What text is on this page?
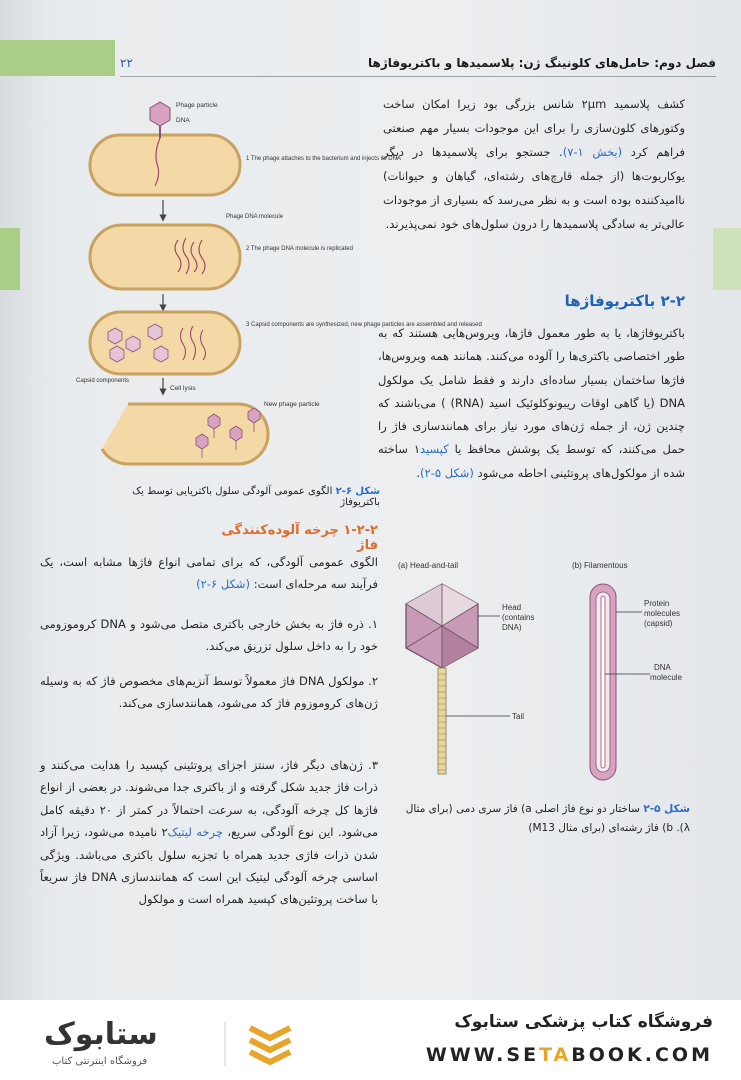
۲۲	فصل دوم: حامل‌های کلونینگ ژن: پلاسمیدها و باکتریوفاژها
کشف پلاسمید ۲μm شانس بزرگی بود زیرا امکان ساخت وکتورهای کلون‌سازی را برای این موجودات بسیار مهم صنعتی فراهم کرد (بخش ۱-۷). جستجو برای پلاسمیدها در دیگر یوکاریوت‌ها (از جمله قارچ‌های رشته‌ای، گیاهان و حیوانات) ناامیدکننده بوده است و به نظر می‌رسد که بسیاری از موجودات عالی‌تر به سادگی پلاسمیدها را درون سلول‌های خود نمی‌پذیرند.
۲-۲ باکتریوفاژها
باکتریوفاژها، یا به طور معمول فاژها، ویروس‌هایی هستند که به طور اختصاصی باکتری‌ها را آلوده می‌کنند. همانند همه ویروس‌ها، فاژها ساختمان بسیار ساده‌ای دارند و فقط شامل یک مولکول DNA (یا گاهی اوقات ریبونوکلوئیک اسید (RNA) ) می‌باشند که چندین ژن، از جمله ژن‌های مورد نیاز برای همانندسازی فاژ را حمل می‌کنند، که توسط یک پوشش محافظ یا کپسید۱ ساخته شده از مولکول‌های پروتئینی احاطه می‌شود (شکل ۵-۲).
Phage particle
DNA
1 The phage attaches to the bacterium and injects its DNA
Phage DNA molecule
2 The phage DNA molecule is replicated
3 Capsid components are synthesized, new phage particles are assembled and released
Capsid components
Cell lysis
New phage particle
شکل ۶-۲ الگوی عمومی آلودگی سلول باکتریایی توسط یک باکتریوفاژ
۱-۲-۲ چرخه آلوده‌کنندگی فاژ
الگوی عمومی آلودگی، که برای تمامی انواع فاژها مشابه است، یک فرآیند سه مرحله‌ای است: (شکل ۶-۲)
۱. ذره فاژ به بخش خارجی باکتری متصل می‌شود و DNA کروموزومی خود را به داخل سلول تزریق می‌کند.
۲. مولکول DNA فاژ معمولاً توسط آنزیم‌های مخصوص فاژ که به وسیله ژن‌های کروموزوم فاژ کد می‌شود، همانندسازی می‌کند.
۳. ژن‌های دیگر فاژ، سنتز اجزای پروتئینی کپسید را هدایت می‌کنند و ذرات فاژ جدید شکل گرفته و از باکتری جدا می‌شوند. در بعضی از انواع فاژها کل چرخه آلودگی، به سرعت احتمالاً در کمتر از ۲۰ دقیقه کامل می‌شود. این نوع آلودگی سریع، چرخه لیتیک۲ نامیده می‌شود، زیرا آزاد شدن ذرات فاژی جدید همراه با تجزیه سلول باکتری می‌باشد. ویژگی اساسی چرخه آلودگی لیتیک این است که همانندسازی DNA فاژ سریعاً با ساخت پروتئین‌های کپسید همراه است و مولکول
(a) Head-and-tail	(b) Filamentous
Head
(contains
DNA)
Tail
Protein
molecules
(capsid)
DNA
molecule
شکل ۵-۲ ساختار دو نوع فاژ اصلی a) فاژ سری دمی (برای مثال λ). b) فاژ رشته‌ای (برای مثال M13)
فروشگاه کتاب پزشکی ستابوک
WWW.SETABOOK.COM
ستابوک
فروشگاه اینترنتی کتاب
